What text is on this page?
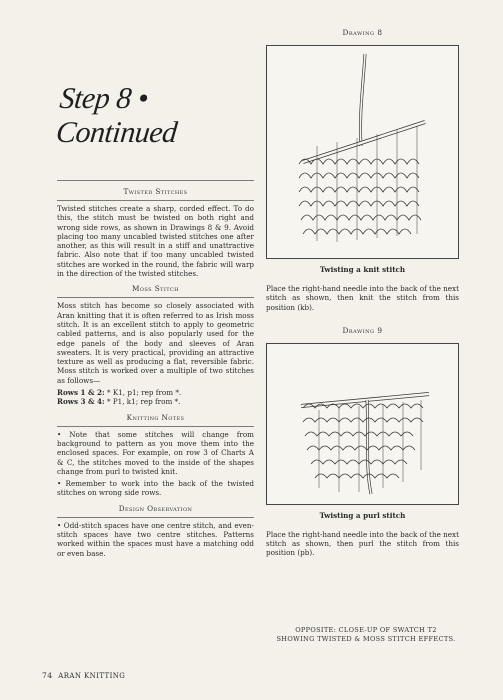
Step 8 • Continued
Twisted Stitches

Twisted stitches create a sharp, corded effect. To do this, the stitch must be twisted on both right and wrong side rows, as shown in Drawings 8 & 9. Avoid placing too many uncabled twisted stitches one after another, as this will result in a stiff and unattractive fabric. Also note that if too many uncabled twisted stitches are worked in the round, the fabric will warp in the direction of the twisted stitches.

Moss Stitch

Moss stitch has become so closely associated with Aran knitting that it is often referred to as Irish moss stitch. It is an excellent stitch to apply to geometric cabled patterns, and is also popularly used for the edge panels of the body and sleeves of Aran sweaters. It is very practical, providing an attractive texture as well as producing a flat, reversible fabric. Moss stitch is worked over a multiple of two stitches as follows—

Rows 1 & 2: * K1, p1; rep from *.
Rows 3 & 4: * P1, k1; rep from *.
Knitting Notes

• Note that some stitches will change from background to pattern as you move them into the enclosed spaces. For example, on row 3 of Charts A & C, the stitches moved to the inside of the shapes change from purl to twisted knit.

• Remember to work into the back of the twisted stitches on wrong side rows.

Design Observation

• Odd-stitch spaces have one centre stitch, and even-stitch spaces have two centre stitches. Patterns worked within the spaces must have a matching odd or even base.

Drawing 8
Twisting a knit stitch

Place the right-hand needle into the back of the next stitch as shown, then knit the stitch from this position (kb).

Drawing 9
Twisting a purl stitch

Place the right-hand needle into the back of the next stitch as shown, then purl the stitch from this position (pb).

OPPOSITE: CLOSE-UP OF SWATCH T2 SHOWING TWISTED & MOSS STITCH EFFECTS.
74 ARAN KNITTING
